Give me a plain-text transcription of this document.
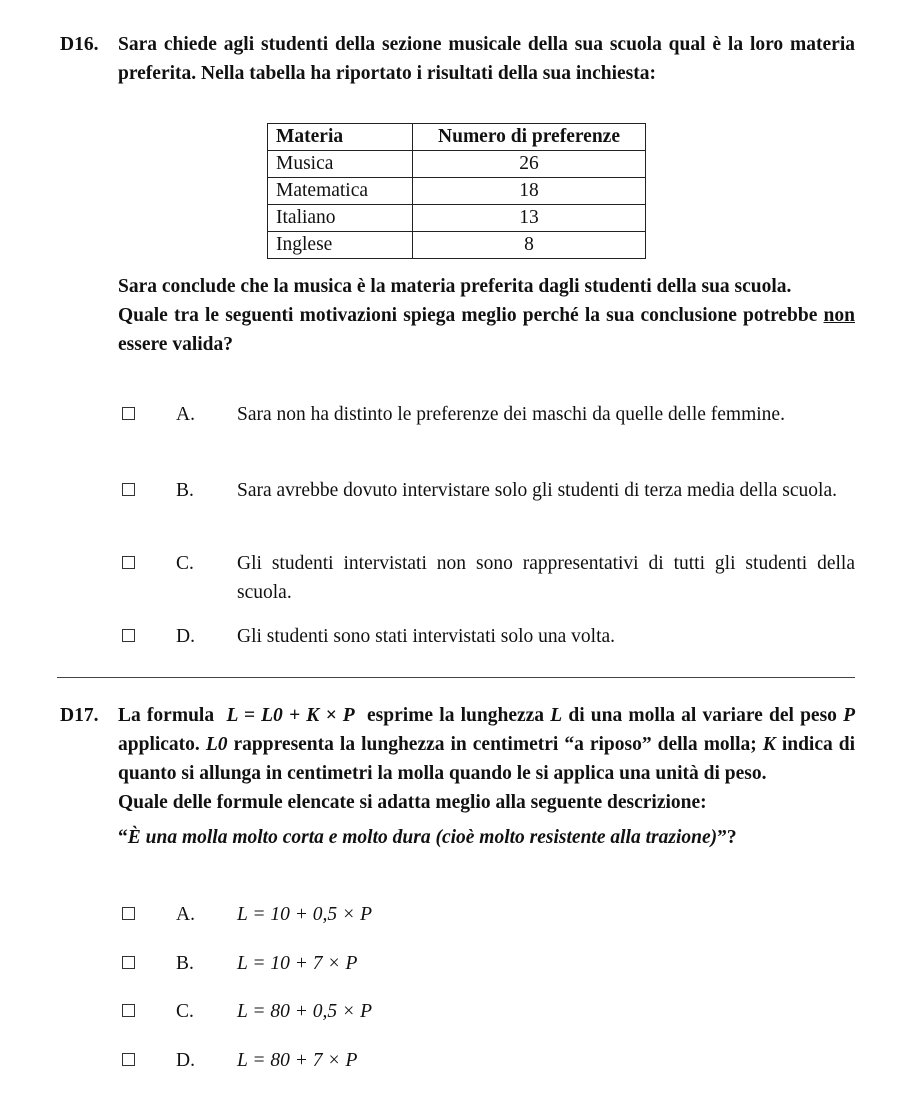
D16.	Sara chiede agli studenti della sezione musicale della sua scuola qual è la loro materia preferita. Nella tabella ha riportato i risultati della sua inchiesta:

Materia	Numero di preferenze
Musica	26
Matematica	18
Italiano	13
Inglese	8

Sara conclude che la musica è la materia preferita dagli studenti della sua scuola.

Quale tra le seguenti motivazioni spiega meglio perché la sua conclusione potrebbe non essere valida?

A. Sara non ha distinto le preferenze dei maschi da quelle delle femmine.
B. Sara avrebbe dovuto intervistare solo gli studenti di terza media della scuola.
C. Gli studenti intervistati non sono rappresentativi di tutti gli studenti della scuola.
D. Gli studenti sono stati intervistati solo una volta.
D17.	La formula L = L0 + K × P esprime la lunghezza L di una molla al variare del peso P applicato. L0 rappresenta la lunghezza in centimetri “a riposo” della molla; K indica di quanto si allunga in centimetri la molla quando le si applica una unità di peso.

Quale delle formule elencate si adatta meglio alla seguente descrizione:

“È una molla molto corta e molto dura (cioè molto resistente alla trazione)”?

A. L = 10 + 0,5 × P
B. L = 10 + 7 × P
C. L = 80 + 0,5 × P
D. L = 80 + 7 × P
